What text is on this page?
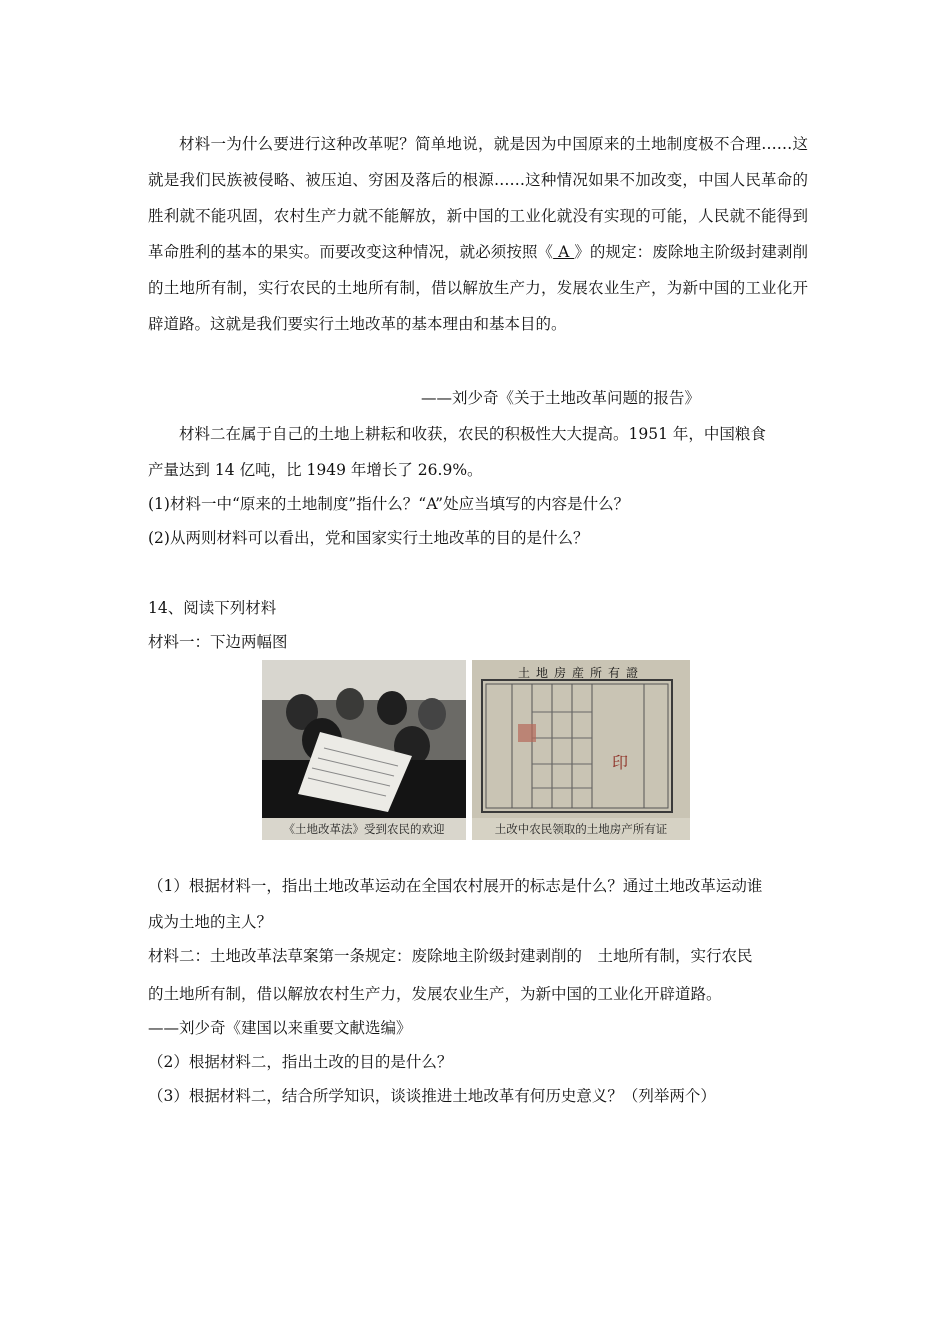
材料一为什么要进行这种改革呢？简单地说，就是因为中国原来的土地制度极不合理……这就是我们民族被侵略、被压迫、穷困及落后的根源……这种情况如果不加改变，中国人民革命的胜利就不能巩固，农村生产力就不能解放，新中国的工业化就没有实现的可能，人民就不能得到革命胜利的基本的果实。而要改变这种情况，就必须按照《 A 》的规定：废除地主阶级封建剥削的土地所有制，实行农民的土地所有制，借以解放生产力，发展农业生产，为新中国的工业化开辟道路。这就是我们要实行土地改革的基本理由和基本目的。

——刘少奇《关于土地改革问题的报告》
材料二在属于自己的土地上耕耘和收获，农民的积极性大大提高。1951 年，中国粮食
产量达到 14 亿吨，比 1949 年增长了 26.9%。
(1)材料一中“原来的土地制度”指什么？“A”处应当填写的内容是什么？
(2)从两则材料可以看出，党和国家实行土地改革的目的是什么？
14、阅读下列材料
材料一：下边两幅图
《土地改革法》受到农民的欢迎
印
土地房産所有證
土改中农民领取的土地房产所有证
（1）根据材料一，指出土地改革运动在全国农村展开的标志是什么？通过土地改革运动谁
成为土地的主人？
材料二：土地改革法草案第一条规定：废除地主阶级封建剥削的　土地所有制，实行农民
的土地所有制，借以解放农村生产力，发展农业生产，为新中国的工业化开辟道路。
——刘少奇《建国以来重要文献选编》
（2）根据材料二，指出土改的目的是什么？
（3）根据材料二，结合所学知识，谈谈推进土地改革有何历史意义？（列举两个）
